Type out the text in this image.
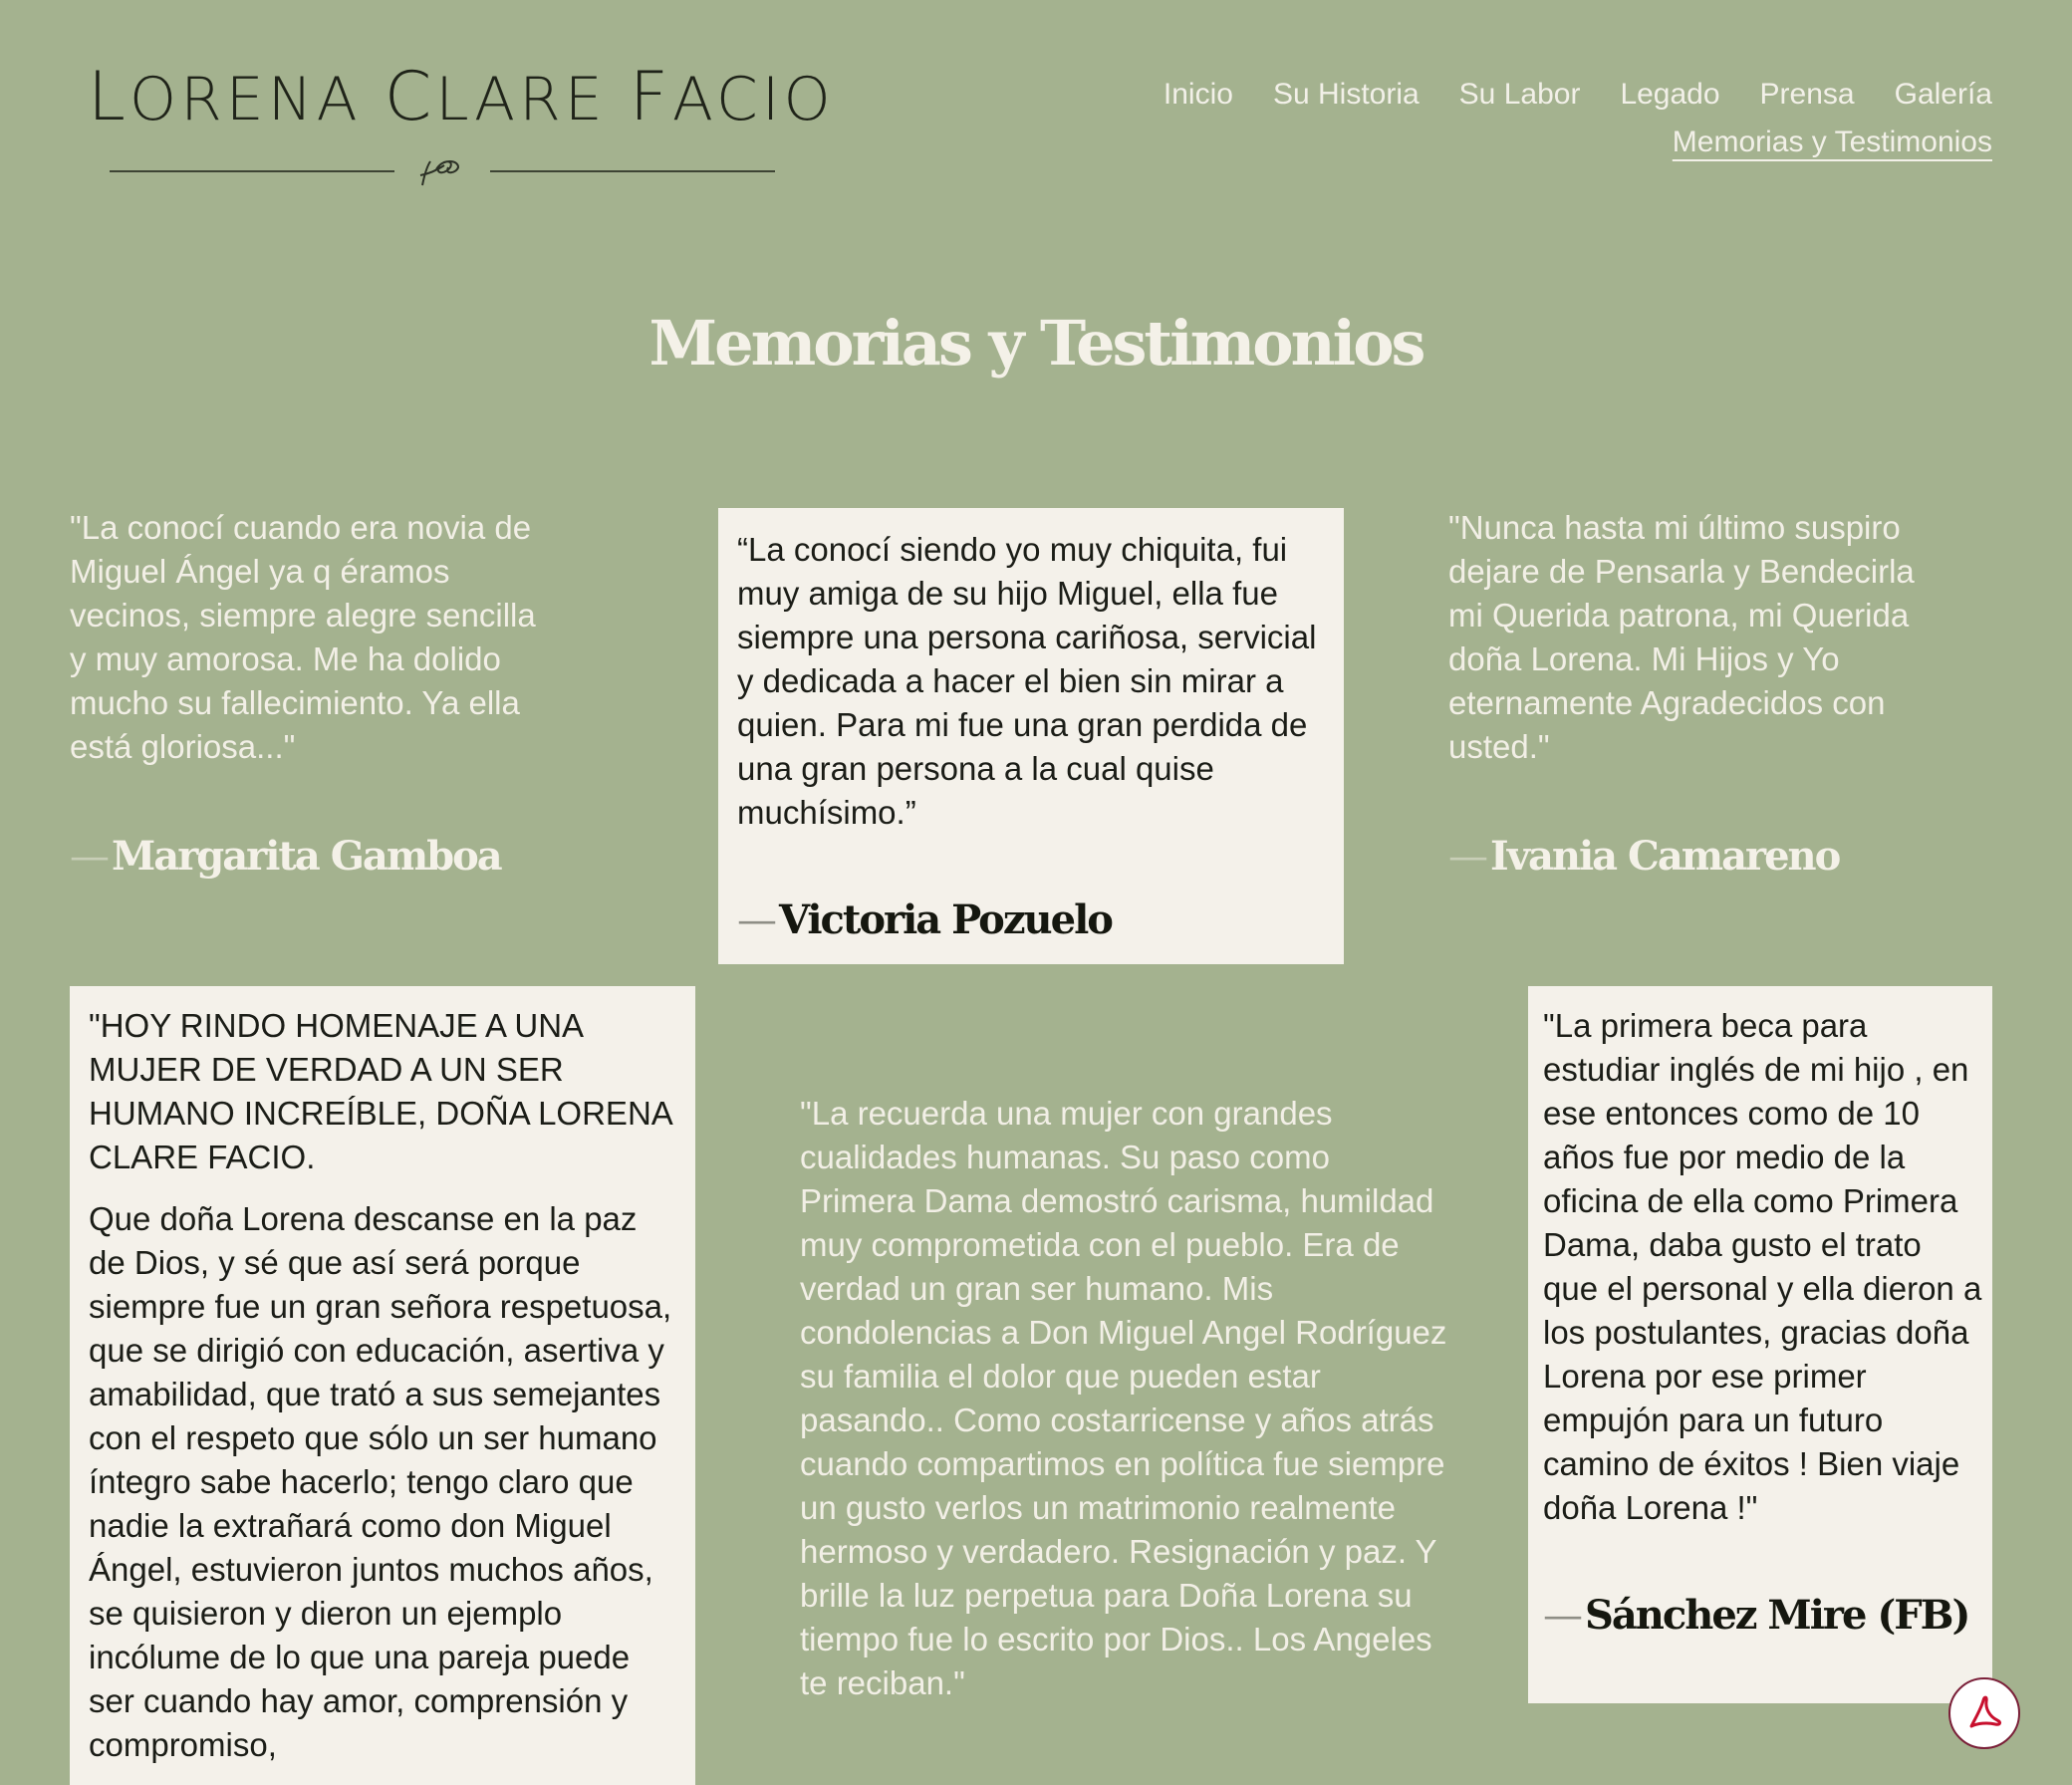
LORENA CLARE FACIO	Inicio Su Historia Su Labor Legado Prensa Galería
Memorias y Testimonios
Memorias y Testimonios

"La conocí cuando era novia de Miguel Ángel ya q éramos vecinos, siempre alegre sencilla y muy amorosa. Me ha dolido mucho su fallecimiento. Ya ella está gloriosa..."

— Margarita Gamboa

“La conocí siendo yo muy chiquita, fui muy amiga de su hijo Miguel, ella fue siempre una persona cariñosa, servicial y dedicada a hacer el bien sin mirar a quien. Para mi fue una gran perdida de una gran persona a la cual quise muchísimo.”

— Victoria Pozuelo

"Nunca hasta mi último suspiro dejare de Pensarla y Bendecirla mi Querida patrona, mi Querida doña Lorena. Mi Hijos y Yo eternamente Agradecidos con usted."

— Ivania Camareno

"HOY RINDO HOMENAJE A UNA MUJER DE VERDAD A UN SER HUMANO INCREÍBLE, DOÑA LORENA CLARE FACIO.

Que doña Lorena descanse en la paz de Dios, y sé que así será porque siempre fue un gran señora respetuosa, que se dirigió con educación, asertiva y amabilidad, que trató a sus semejantes con el respeto que sólo un ser humano íntegro sabe hacerlo; tengo claro que nadie la extrañará como don Miguel Ángel, estuvieron juntos muchos años, se quisieron y dieron un ejemplo incólume de lo que una pareja puede ser cuando hay amor, comprensión y compromiso,

"La recuerda una mujer con grandes cualidades humanas. Su paso como Primera Dama demostró carisma, humildad muy comprometida con el pueblo. Era de verdad un gran ser humano. Mis condolencias a Don Miguel Angel Rodríguez su familia el dolor que pueden estar pasando.. Como costarricense y años atrás cuando compartimos en política fue siempre un gusto verlos un matrimonio realmente hermoso y verdadero. Resignación y paz. Y brille la luz perpetua para Doña Lorena su tiempo fue lo escrito por Dios.. Los Angeles te reciban."

"La primera beca para estudiar inglés de mi hijo , en ese entonces como de 10 años fue por medio de la oficina de ella como Primera Dama, daba gusto el trato que el personal y ella dieron a los postulantes, gracias doña Lorena por ese primer empujón para un futuro camino de éxitos ! Bien viaje doña Lorena !"

— Sánchez Mire (FB)
